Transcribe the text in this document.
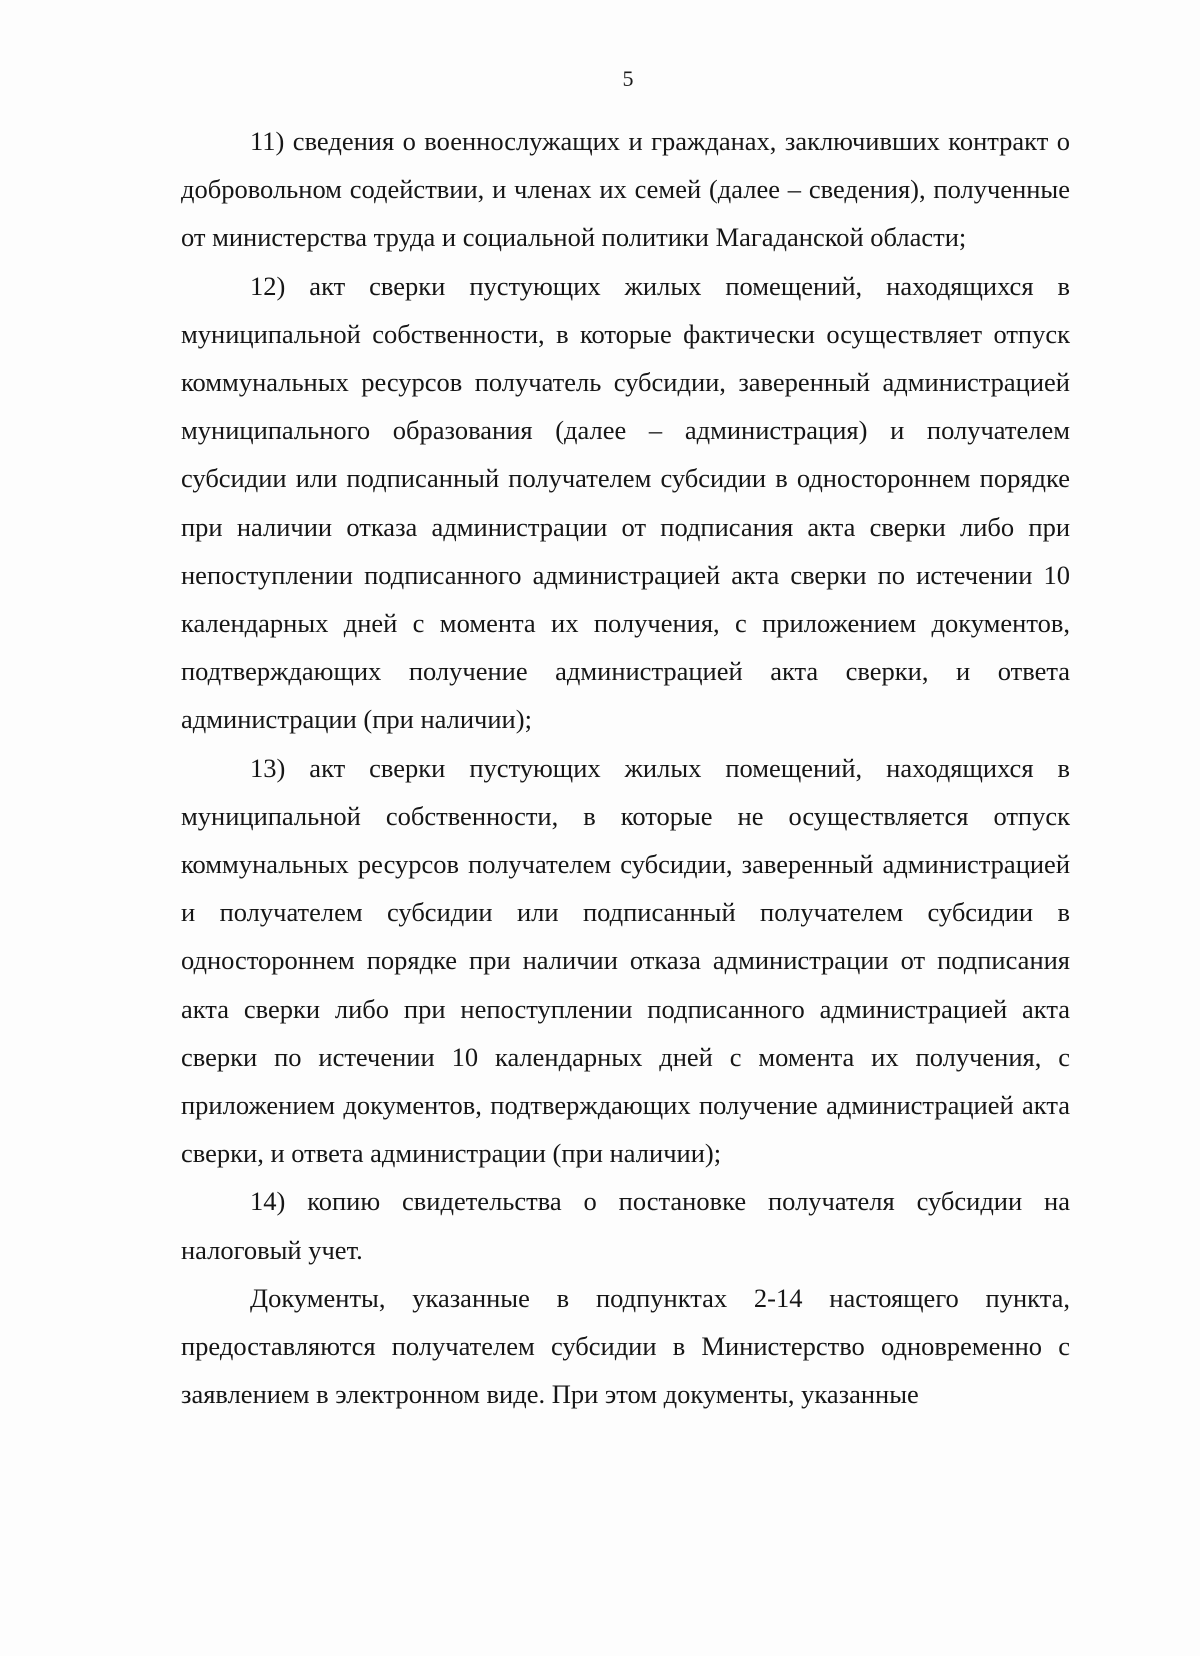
5

11) сведения о военнослужащих и гражданах, заключивших контракт о добровольном содействии, и членах их семей (далее – сведения), полученные от министерства труда и социальной политики Магаданской области;

12) акт сверки пустующих жилых помещений, находящихся в муниципальной собственности, в которые фактически осуществляет отпуск коммунальных ресурсов получатель субсидии, заверенный администрацией муниципального образования (далее – администрация) и получателем субсидии или подписанный получателем субсидии в одностороннем порядке при наличии отказа администрации от подписания акта сверки либо при непоступлении подписанного администрацией акта сверки по истечении 10 календарных дней с момента их получения, с приложением документов, подтверждающих получение администрацией акта сверки, и ответа администрации (при наличии);

13) акт сверки пустующих жилых помещений, находящихся в муниципальной собственности, в которые не осуществляется отпуск коммунальных ресурсов получателем субсидии, заверенный администрацией и получателем субсидии или подписанный получателем субсидии в одностороннем порядке при наличии отказа администрации от подписания акта сверки либо при непоступлении подписанного администрацией акта сверки по истечении 10 календарных дней с момента их получения, с приложением документов, подтверждающих получение администрацией акта сверки, и ответа администрации (при наличии);

14) копию свидетельства о постановке получателя субсидии на налоговый учет.

Документы, указанные в подпунктах 2-14 настоящего пункта, предоставляются получателем субсидии в Министерство одновременно с заявлением в электронном виде. При этом документы, указанные
